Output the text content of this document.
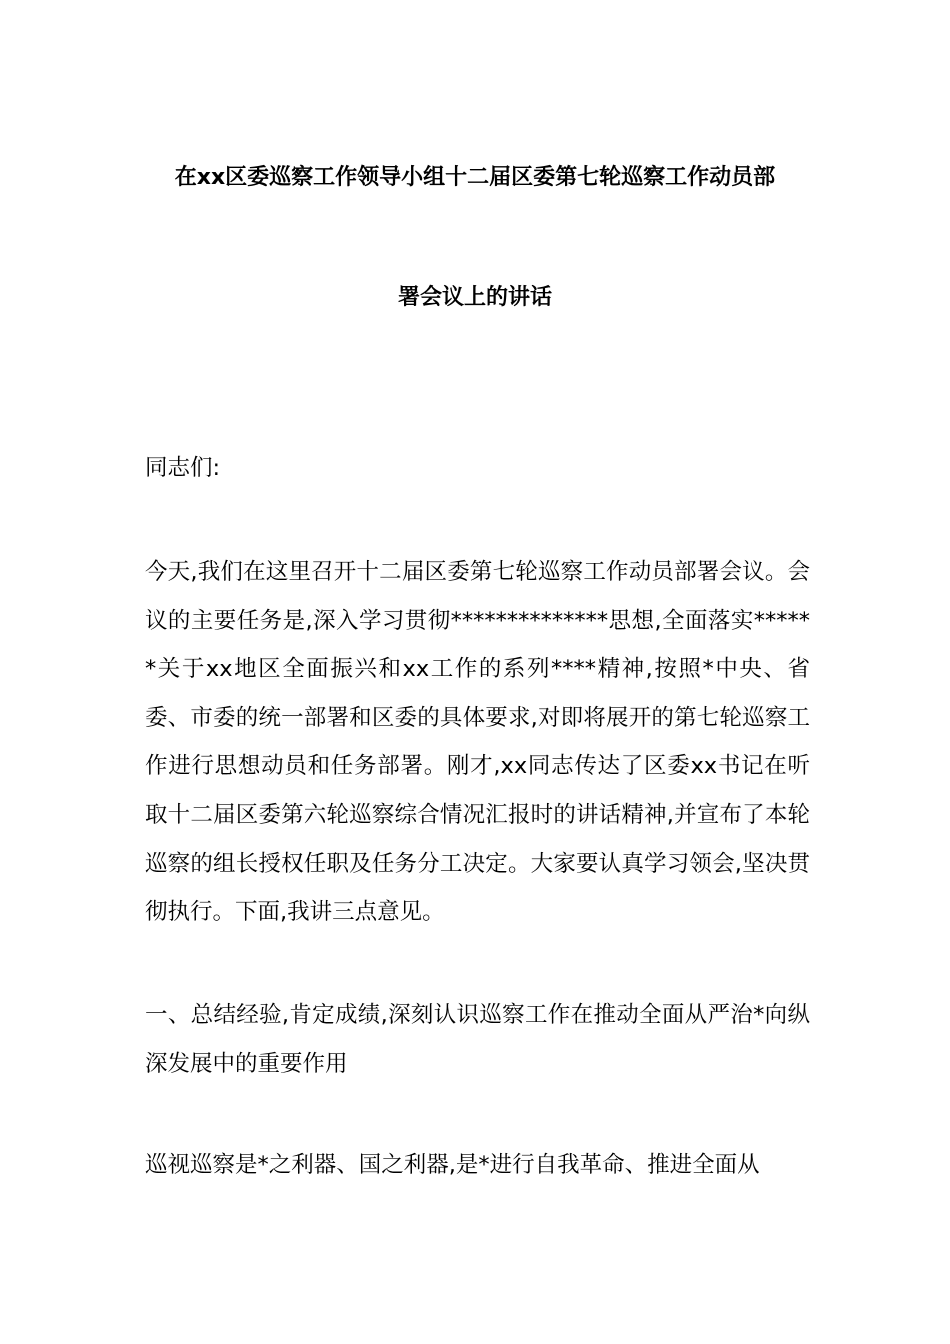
在xx区委巡察工作领导小组十二届区委第七轮巡察工作动员部
署会议上的讲话

同志们:

今天,我们在这里召开十二届区委第七轮巡察工作动员部署会议。会议的主要任务是,深入学习贯彻**************思想,全面落实******关于xx地区全面振兴和xx工作的系列****精神,按照*中央、省委、市委的统一部署和区委的具体要求,对即将展开的第七轮巡察工作进行思想动员和任务部署。刚才,xx同志传达了区委xx书记在听取十二届区委第六轮巡察综合情况汇报时的讲话精神,并宣布了本轮巡察的组长授权任职及任务分工决定。大家要认真学习领会,坚决贯彻执行。下面,我讲三点意见。

一、总结经验,肯定成绩,深刻认识巡察工作在推动全面从严治*向纵深发展中的重要作用

巡视巡察是*之利器、国之利器,是*进行自我革命、推进全面从
